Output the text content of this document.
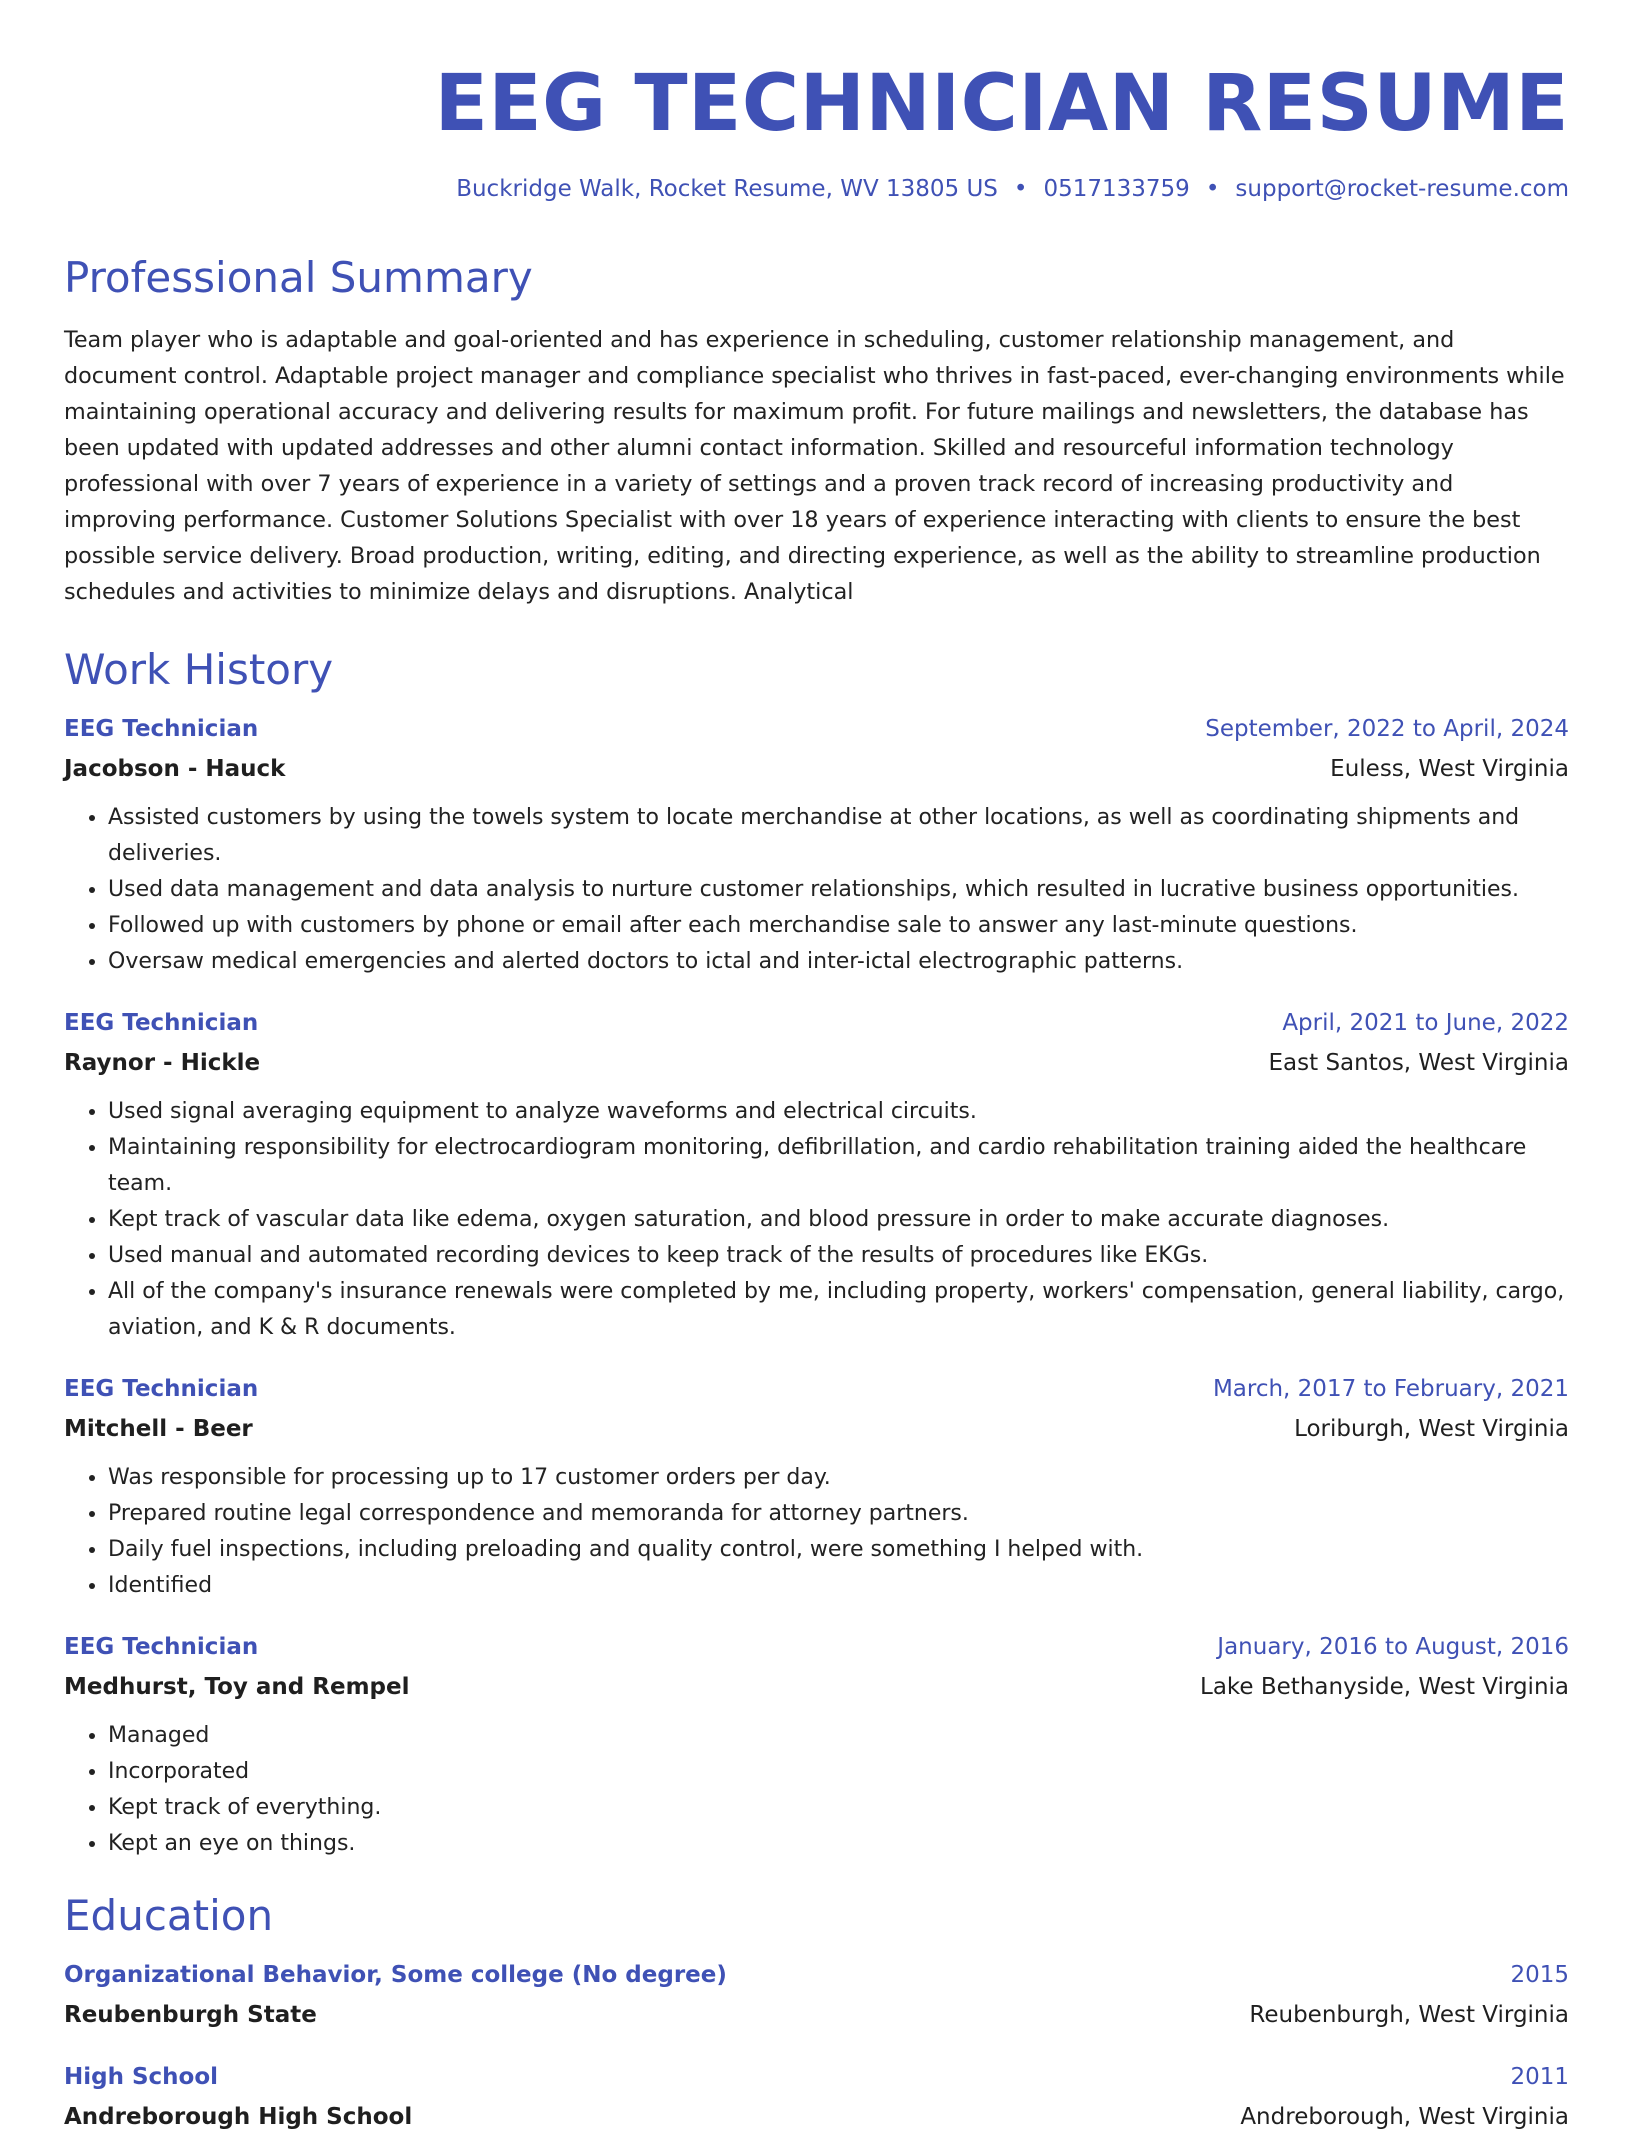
EEG TECHNICIAN RESUME
Buckridge Walk, Rocket Resume, WV 13805 US • 0517133759 • support@rocket-resume.com
Professional Summary
Team player who is adaptable and goal-oriented and has experience in scheduling, customer relationship management, and document control. Adaptable project manager and compliance specialist who thrives in fast-paced, ever-changing environments while maintaining operational accuracy and delivering results for maximum profit. For future mailings and newsletters, the database has been updated with updated addresses and other alumni contact information. Skilled and resourceful information technology professional with over 7 years of experience in a variety of settings and a proven track record of increasing productivity and improving performance. Customer Solutions Specialist with over 18 years of experience interacting with clients to ensure the best possible service delivery. Broad production, writing, editing, and directing experience, as well as the ability to streamline production schedules and activities to minimize delays and disruptions. Analytical
Work History
EEG Technician	September, 2022 to April, 2024
Jacobson - Hauck	Euless, West Virginia
• Assisted customers by using the towels system to locate merchandise at other locations, as well as coordinating shipments and deliveries.
• Used data management and data analysis to nurture customer relationships, which resulted in lucrative business opportunities.
• Followed up with customers by phone or email after each merchandise sale to answer any last-minute questions.
• Oversaw medical emergencies and alerted doctors to ictal and inter-ictal electrographic patterns.
EEG Technician	April, 2021 to June, 2022
Raynor - Hickle	East Santos, West Virginia
• Used signal averaging equipment to analyze waveforms and electrical circuits.
• Maintaining responsibility for electrocardiogram monitoring, defibrillation, and cardio rehabilitation training aided the healthcare team.
• Kept track of vascular data like edema, oxygen saturation, and blood pressure in order to make accurate diagnoses.
• Used manual and automated recording devices to keep track of the results of procedures like EKGs.
• All of the company's insurance renewals were completed by me, including property, workers' compensation, general liability, cargo, aviation, and K & R documents.
EEG Technician	March, 2017 to February, 2021
Mitchell - Beer	Loriburgh, West Virginia
• Was responsible for processing up to 17 customer orders per day.
• Prepared routine legal correspondence and memoranda for attorney partners.
• Daily fuel inspections, including preloading and quality control, were something I helped with.
• Identified
EEG Technician	January, 2016 to August, 2016
Medhurst, Toy and Rempel	Lake Bethanyside, West Virginia
• Managed
• Incorporated
• Kept track of everything.
• Kept an eye on things.
Education
Organizational Behavior, Some college (No degree)	2015
Reubenburgh State	Reubenburgh, West Virginia
High School	2011
Andreborough High School	Andreborough, West Virginia
